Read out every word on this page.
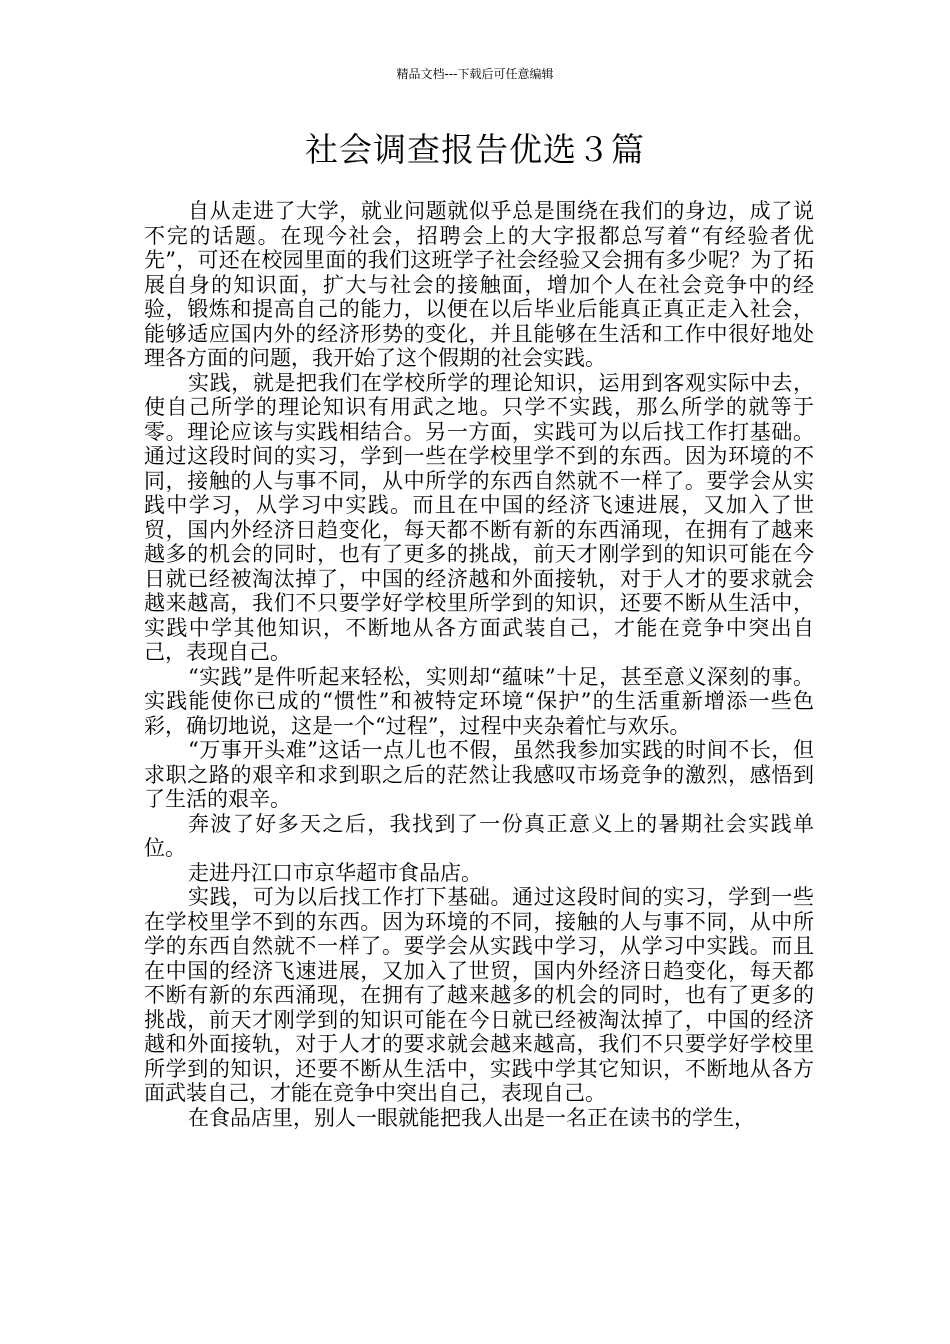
精品文档---下载后可任意编辑
社会调查报告优选３篇

自从走进了大学，就业问题就似乎总是围绕在我们的身边，成了说不完的话题。在现今社会，招聘会上的大字报都总写着“有经验者优先”，可还在校园里面的我们这班学子社会经验又会拥有多少呢？为了拓展自身的知识面，扩大与社会的接触面，增加个人在社会竞争中的经验，锻炼和提高自己的能力，以便在以后毕业后能真正真正走入社会，能够适应国内外的经济形势的变化，并且能够在生活和工作中很好地处理各方面的问题，我开始了这个假期的社会实践。

实践，就是把我们在学校所学的理论知识，运用到客观实际中去，使自己所学的理论知识有用武之地。只学不实践，那么所学的就等于零。理论应该与实践相结合。另一方面，实践可为以后找工作打基础。通过这段时间的实习，学到一些在学校里学不到的东西。因为环境的不同，接触的人与事不同，从中所学的东西自然就不一样了。要学会从实践中学习，从学习中实践。而且在中国的经济飞速进展，又加入了世贸，国内外经济日趋变化，每天都不断有新的东西涌现，在拥有了越来越多的机会的同时，也有了更多的挑战，前天才刚学到的知识可能在今日就已经被淘汰掉了，中国的经济越和外面接轨，对于人才的要求就会越来越高，我们不只要学好学校里所学到的知识，还要不断从生活中，实践中学其他知识，不断地从各方面武装自己，才能在竞争中突出自己，表现自己。

“实践”是件听起来轻松，实则却“蕴味”十足，甚至意义深刻的事。实践能使你已成的“惯性”和被特定环境“保护”的生活重新增添一些色彩，确切地说，这是一个“过程”，过程中夹杂着忙与欢乐。

“万事开头难”这话一点儿也不假，虽然我参加实践的时间不长，但求职之路的艰辛和求到职之后的茫然让我感叹市场竞争的激烈，感悟到了生活的艰辛。

奔波了好多天之后，我找到了一份真正意义上的暑期社会实践单位。

走进丹江口市京华超市食品店。

实践，可为以后找工作打下基础。通过这段时间的实习，学到一些在学校里学不到的东西。因为环境的不同，接触的人与事不同，从中所学的东西自然就不一样了。要学会从实践中学习，从学习中实践。而且在中国的经济飞速进展，又加入了世贸，国内外经济日趋变化，每天都不断有新的东西涌现，在拥有了越来越多的机会的同时，也有了更多的挑战，前天才刚学到的知识可能在今日就已经被淘汰掉了，中国的经济越和外面接轨，对于人才的要求就会越来越高，我们不只要学好学校里所学到的知识，还要不断从生活中，实践中学其它知识，不断地从各方面武装自己，才能在竞争中突出自己，表现自己。

在食品店里，别人一眼就能把我人出是一名正在读书的学生，
